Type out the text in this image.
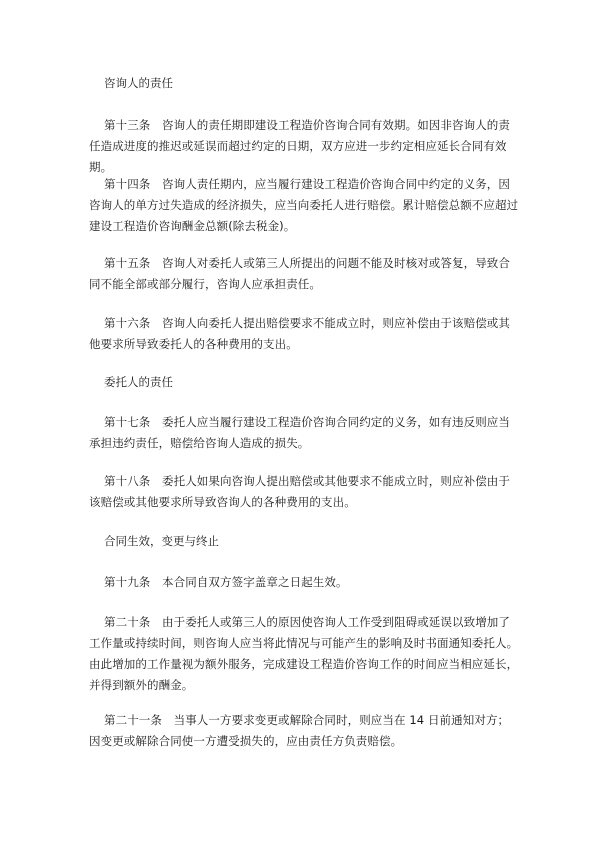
咨询人的责任
第十三条　咨询人的责任期即建设工程造价咨询合同有效期。如因非咨询人的责任造成进度的推迟或延误而超过约定的日期，双方应进一步约定相应延长合同有效期。
第十四条　咨询人责任期内，应当履行建设工程造价咨询合同中约定的义务，因咨询人的单方过失造成的经济损失，应当向委托人进行赔偿。累计赔偿总额不应超过建设工程造价咨询酬金总额(除去税金)。
第十五条　咨询人对委托人或第三人所提出的问题不能及时核对或答复，导致合同不能全部或部分履行，咨询人应承担责任。
第十六条　咨询人向委托人提出赔偿要求不能成立时，则应补偿由于该赔偿或其他要求所导致委托人的各种费用的支出。
委托人的责任
第十七条　委托人应当履行建设工程造价咨询合同约定的义务，如有违反则应当承担违约责任，赔偿给咨询人造成的损失。
第十八条　委托人如果向咨询人提出赔偿或其他要求不能成立时，则应补偿由于该赔偿或其他要求所导致咨询人的各种费用的支出。
合同生效，变更与终止
第十九条　本合同自双方签字盖章之日起生效。
第二十条　由于委托人或第三人的原因使咨询人工作受到阻碍或延误以致增加了工作量或持续时间，则咨询人应当将此情况与可能产生的影响及时书面通知委托人。由此增加的工作量视为额外服务，完成建设工程造价咨询工作的时间应当相应延长，并得到额外的酬金。
第二十一条　当事人一方要求变更或解除合同时，则应当在 14 日前通知对方；因变更或解除合同使一方遭受损失的，应由责任方负责赔偿。
